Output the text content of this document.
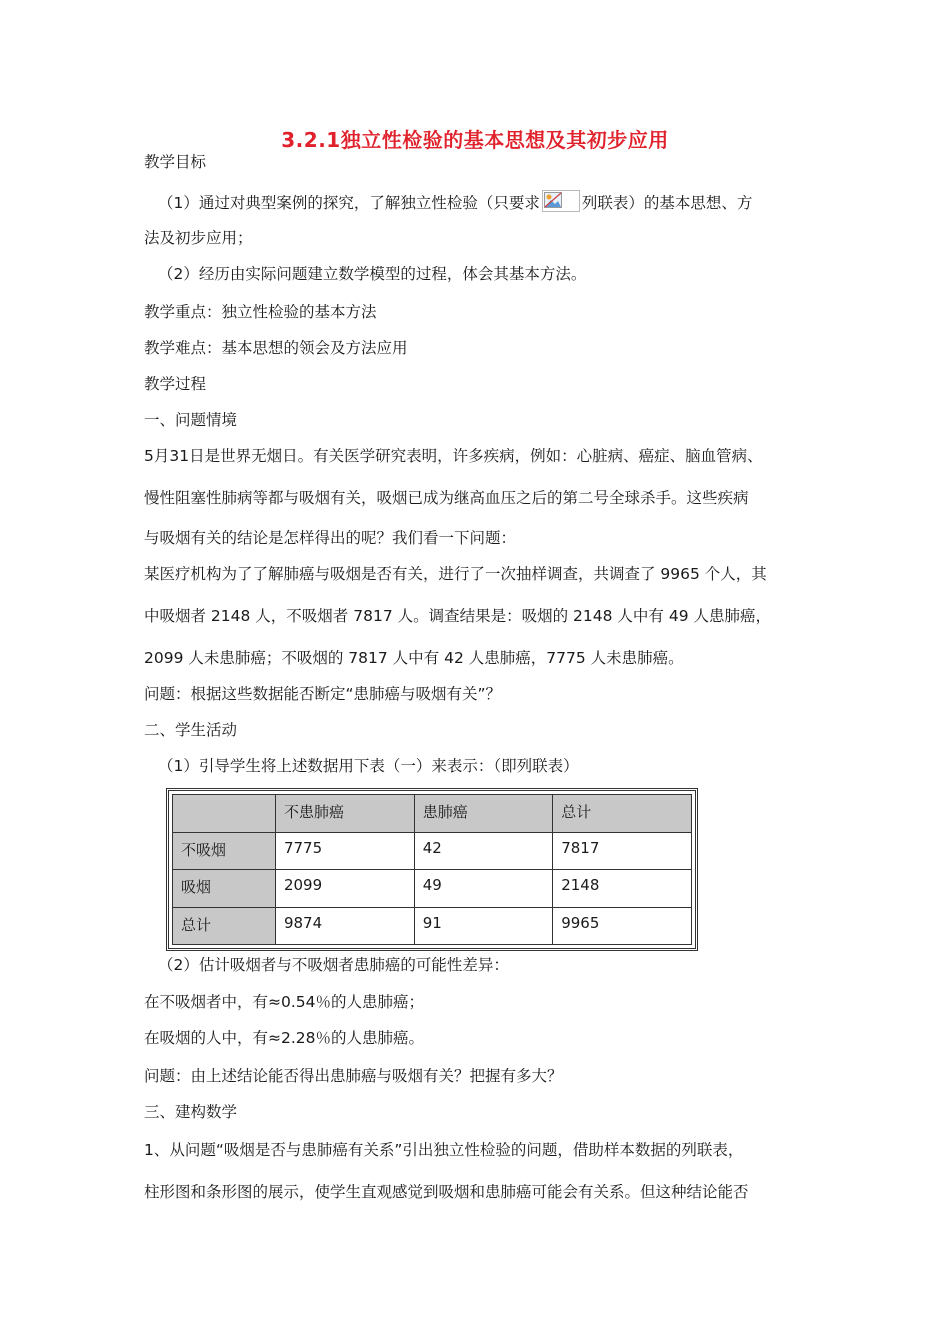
3.2.1独立性检验的基本思想及其初步应用
教学目标
（1）通过对典型案例的探究，了解独立性检验（只要求	列联表）的基本思想、方
法及初步应用；
（2）经历由实际问题建立数学模型的过程，体会其基本方法。
教学重点：独立性检验的基本方法
教学难点：基本思想的领会及方法应用
教学过程
一、问题情境
5月31日是世界无烟日。有关医学研究表明，许多疾病，例如：心脏病、癌症、脑血管病、
慢性阻塞性肺病等都与吸烟有关，吸烟已成为继高血压之后的第二号全球杀手。这些疾病
与吸烟有关的结论是怎样得出的呢？我们看一下问题：
某医疗机构为了了解肺癌与吸烟是否有关，进行了一次抽样调查，共调查了 9965 个人，其
中吸烟者 2148 人，不吸烟者 7817 人。调查结果是：吸烟的 2148 人中有 49 人患肺癌，
2099 人未患肺癌；不吸烟的 7817 人中有 42 人患肺癌，7775 人未患肺癌。
问题：根据这些数据能否断定“患肺癌与吸烟有关”？
二、学生活动
（1）引导学生将上述数据用下表（一）来表示：（即列联表）
	不患肺癌	患肺癌	总计
不吸烟	7775	42	7817
吸烟	2099	49	2148
总计	9874	91	9965
（2）估计吸烟者与不吸烟者患肺癌的可能性差异：
在不吸烟者中，有≈0.54％的人患肺癌；
在吸烟的人中，有≈2.28％的人患肺癌。
问题：由上述结论能否得出患肺癌与吸烟有关？把握有多大？
三、建构数学
1、从问题“吸烟是否与患肺癌有关系”引出独立性检验的问题，借助样本数据的列联表，
柱形图和条形图的展示，使学生直观感觉到吸烟和患肺癌可能会有关系。但这种结论能否
